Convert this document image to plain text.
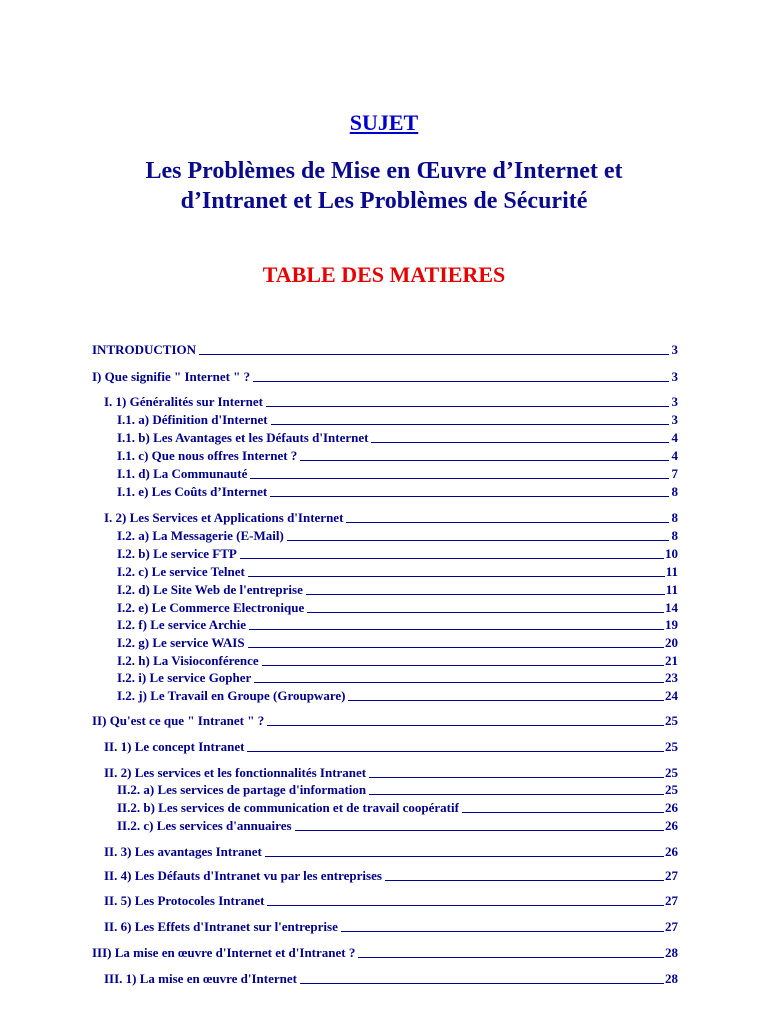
SUJET
Les Problèmes de Mise en Œuvre d’Internet et
d’Intranet et Les Problèmes de Sécurité
TABLE DES MATIERES
INTRODUCTION	3
I) Que signifie " Internet " ?	3
I. 1) Généralités sur Internet	3
I.1. a) Définition d'Internet	3
I.1. b) Les Avantages et les Défauts d'Internet	4
I.1. c) Que nous offres Internet ?	4
I.1. d) La Communauté	7
I.1. e) Les Coûts d’Internet	8
I. 2) Les Services et Applications d'Internet	8
I.2. a) La Messagerie (E-Mail)	8
I.2. b) Le service FTP	10
I.2. c) Le service Telnet	11
I.2. d) Le Site Web de l'entreprise	11
I.2. e) Le Commerce Electronique	14
I.2. f) Le service Archie	19
I.2. g) Le service WAIS	20
I.2. h) La Visioconférence	21
I.2. i) Le service Gopher	23
I.2. j) Le Travail en Groupe (Groupware)	24
II) Qu'est ce que " Intranet " ?	25
II. 1) Le concept Intranet	25
II. 2) Les services et les fonctionnalités Intranet	25
II.2. a) Les services de partage d'information	25
II.2. b) Les services de communication et de travail coopératif	26
II.2. c) Les services d'annuaires	26
II. 3) Les avantages Intranet	26
II. 4) Les Défauts d'Intranet vu par les entreprises	27
II. 5) Les Protocoles Intranet	27
II. 6) Les Effets d'Intranet sur l'entreprise	27
III) La mise en œuvre d'Internet et d'Intranet ?	28
III. 1) La mise en œuvre d'Internet	28
